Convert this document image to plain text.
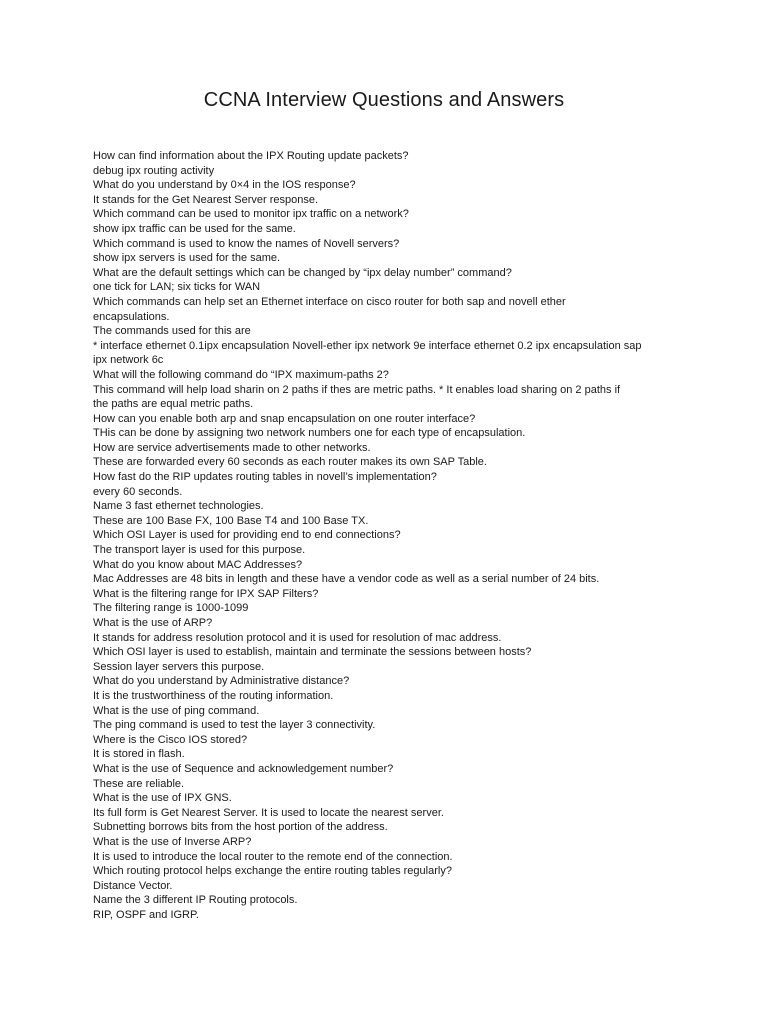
CCNA Interview Questions and Answers
How can find information about the IPX Routing update packets?
debug ipx routing activity
What do you understand by 0×4 in the IOS response?
It stands for the Get Nearest Server response.
Which command can be used to monitor ipx traffic on a network?
show ipx traffic can be used for the same.
Which command is used to know the names of Novell servers?
show ipx servers is used for the same.
What are the default settings which can be changed by “ipx delay number” command?
one tick for LAN; six ticks for WAN
Which commands can help set an Ethernet interface on cisco router for both sap and novell ether
encapsulations.
The commands used for this are
* interface ethernet 0.1ipx encapsulation Novell-ether ipx network 9e interface ethernet 0.2 ipx encapsulation sap
ipx network 6c
What will the following command do “IPX maximum-paths 2?
This command will help load sharin on 2 paths if thes are metric paths. * It enables load sharing on 2 paths if
the paths are equal metric paths.
How can you enable both arp and snap encapsulation on one router interface?
THis can be done by assigning two network numbers one for each type of encapsulation.
How are service advertisements made to other networks.
These are forwarded every 60 seconds as each router makes its own SAP Table.
How fast do the RIP updates routing tables in novell’s implementation?
every 60 seconds.
Name 3 fast ethernet technologies.
These are 100 Base FX, 100 Base T4 and 100 Base TX.
Which OSI Layer is used for providing end to end connections?
The transport layer is used for this purpose.
What do you know about MAC Addresses?
Mac Addresses are 48 bits in length and these have a vendor code as well as a serial number of 24 bits.
What is the filtering range for IPX SAP Filters?
The filtering range is 1000-1099
What is the use of ARP?
It stands for address resolution protocol and it is used for resolution of mac address.
Which OSI layer is used to establish, maintain and terminate the sessions between hosts?
Session layer servers this purpose.
What do you understand by Administrative distance?
It is the trustworthiness of the routing information.
What is the use of ping command.
The ping command is used to test the layer 3 connectivity.
Where is the Cisco IOS stored?
It is stored in flash.
What is the use of Sequence and acknowledgement number?
These are reliable.
What is the use of IPX GNS.
Its full form is Get Nearest Server. It is used to locate the nearest server.
Subnetting borrows bits from the host portion of the address.
What is the use of Inverse ARP?
It is used to introduce the local router to the remote end of the connection.
Which routing protocol helps exchange the entire routing tables regularly?
Distance Vector.
Name the 3 different IP Routing protocols.
RIP, OSPF and IGRP.
